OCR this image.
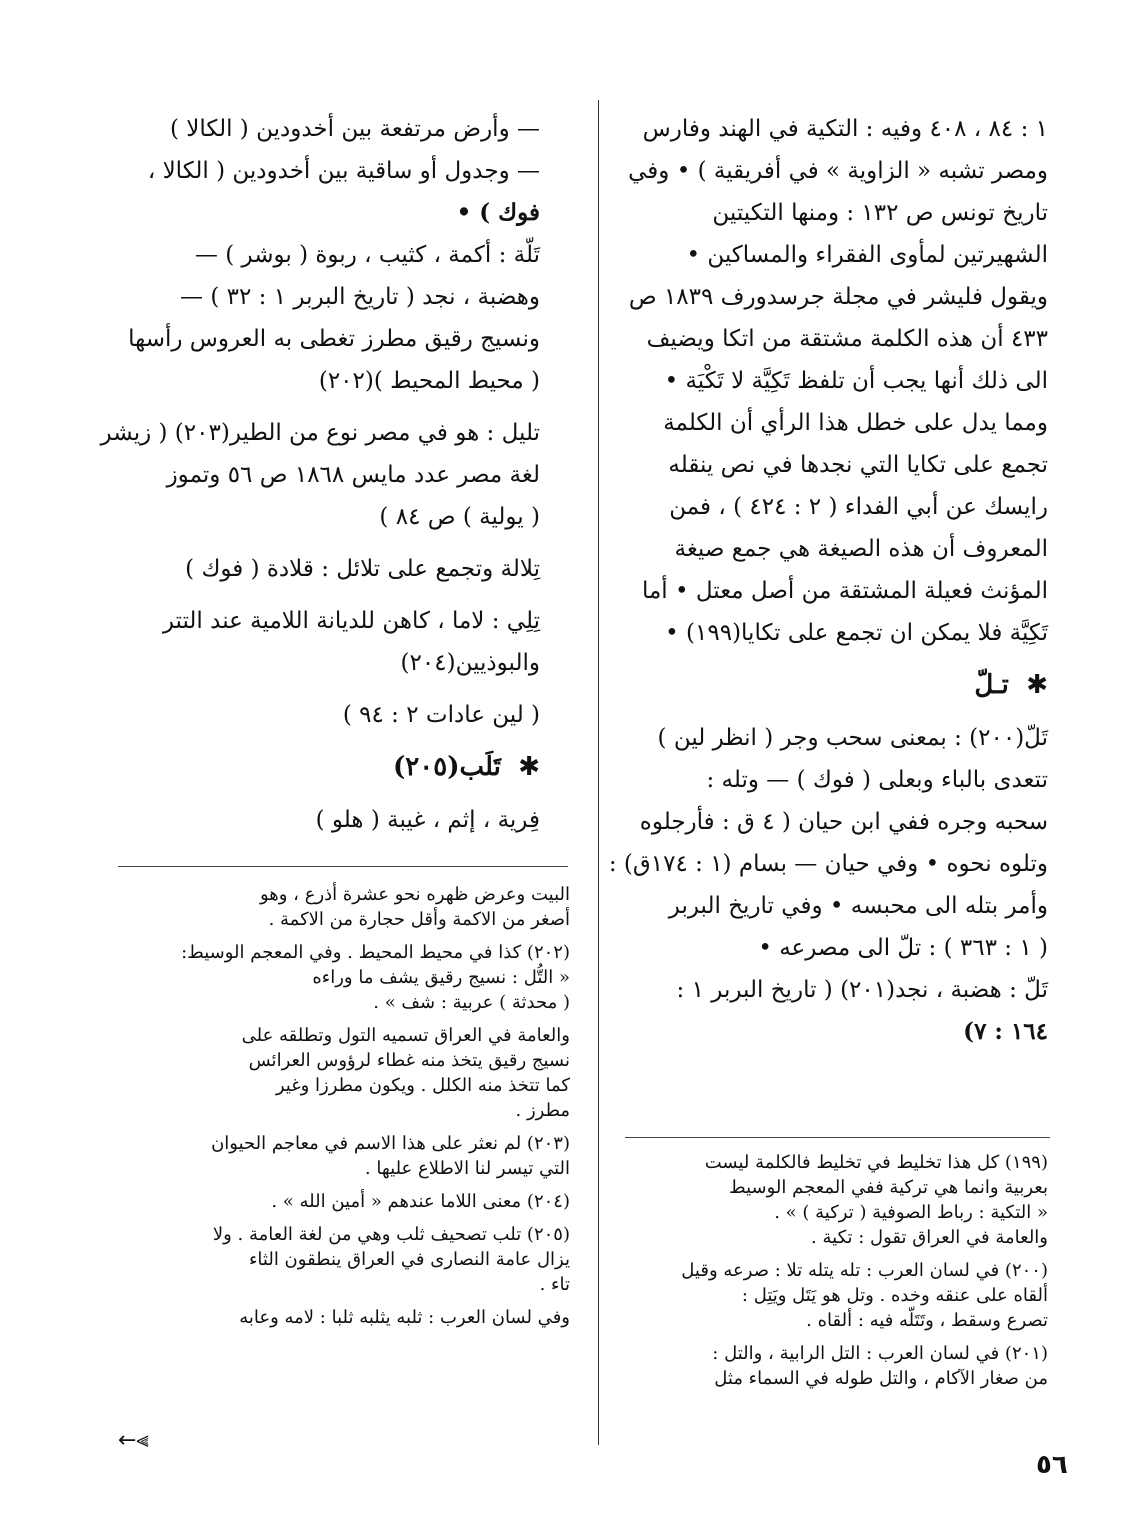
١ : ٨٤ ، ٤٠٨ وفيه : التكية في الهند وفارس

ومصر تشبه « الزاوية » في أفريقية ) • وفي

تاريخ تونس ص ١٣٢ : ومنها التكيتين

الشهيرتين لمأوى الفقراء والمساكين •

ويقول فليشر في مجلة جرسدورف ١٨٣٩ ص

٤٣٣ أن هذه الكلمة مشتقة من اتكا ويضيف

الى ذلك أنها يجب أن تلفظ تَكِيَّة لا تَكْيَة •

ومما يدل على خطل هذا الرأي أن الكلمة

تجمع على تكايا التي نجدها في نص ينقله

رايسك عن أبي الفداء ( ٢ : ٤٢٤ ) ، فمن

المعروف أن هذه الصيغة هي جمع صيغة

المؤنث فعيلة المشتقة من أصل معتل • أما

تَكِيَّة فلا يمكن ان تجمع على تكايا(١٩٩) •

✱ تـلّ

تَلّ(٢٠٠) : بمعنى سحب وجر ( انظر لين )

تتعدى بالباء وبعلى ( فوك ) — وتله :

سحبه وجره ففي ابن حيان ( ٤ ق : فأرجلوه

وتلوه نحوه • وفي حيان — بسام (١ : ١٧٤ق) :

وأمر بتله الى محبسه • وفي تاريخ البربر

( ١ : ٣٦٣ ) : تلّ الى مصرعه •

تَلّ : هضبة ، نجد(٢٠١) ( تاريخ البربر ١ :

١٦٤ : ٧)

(١٩٩) كل هذا تخليط في تخليط فالكلمة ليست

بعربية وانما هي تركية ففي المعجم الوسيط

« التكية : رباط الصوفية ( تركية ) » .

والعامة في العراق تقول : تكية .

(٢٠٠) في لسان العرب : تله يتله تلا : صرعه وقيل

ألقاه على عنقه وخده . وتل هو يَتَل ويَتِل :

تصرع وسقط ، وتَتَلّه فيه : ألقاه .

(٢٠١) في لسان العرب : التل الرابية ، والتل :

من صغار الآكام ، والتل طوله في السماء مثل

— وأرض مرتفعة بين أخدودين ( الكالا )

— وجدول أو ساقية بين أخدودين ( الكالا ،

فوك ) •

تَلّة : أكمة ، كثيب ، ربوة ( بوشر ) —

وهضبة ، نجد ( تاريخ البربر ١ : ٣٢ ) —

ونسيج رقيق مطرز تغطى به العروس رأسها

( محيط المحيط )(٢٠٢)

تليل : هو في مصر نوع من الطير(٢٠٣) ( زيشر

لغة مصر عدد مايس ١٨٦٨ ص ٥٦ وتموز

( يولية ) ص ٨٤ )

تِلالة وتجمع على تلائل : قلادة ( فوك )

تِلِي : لاما ، كاهن للديانة اللامية عند التتر

والبوذيين(٢٠٤)

( لين عادات ٢ : ٩٤ )

✱ تَلَب(٢٠٥)

فِرية ، إثم ، غيبة ( هلو )

البيت وعرض ظهره نحو عشرة أذرع ، وهو

أصغر من الاكمة وأقل حجارة من الاكمة .

(٢٠٢) كذا في محيط المحيط . وفي المعجم الوسيط:

« التُّل : نسيج رقيق يشف ما وراءه

( محدثة ) عربية : شف » .

والعامة في العراق تسميه التول وتطلقه على

نسيج رقيق يتخذ منه غطاء لرؤوس العرائس

كما تتخذ منه الكلل . ويكون مطرزا وغير

مطرز .

(٢٠٣) لم نعثر على هذا الاسم في معاجم الحيوان

التي تيسر لنا الاطلاع عليها .

(٢٠٤) معنى اللاما عندهم « أمين الله » .

(٢٠٥) تلب تصحيف ثلب وهي من لغة العامة . ولا

يزال عامة النصارى في العراق ينطقون الثاء

تاء .

وفي لسان العرب : ثلبه يثلبه ثلبا : لامه وعابه

←⫷
٥٦
